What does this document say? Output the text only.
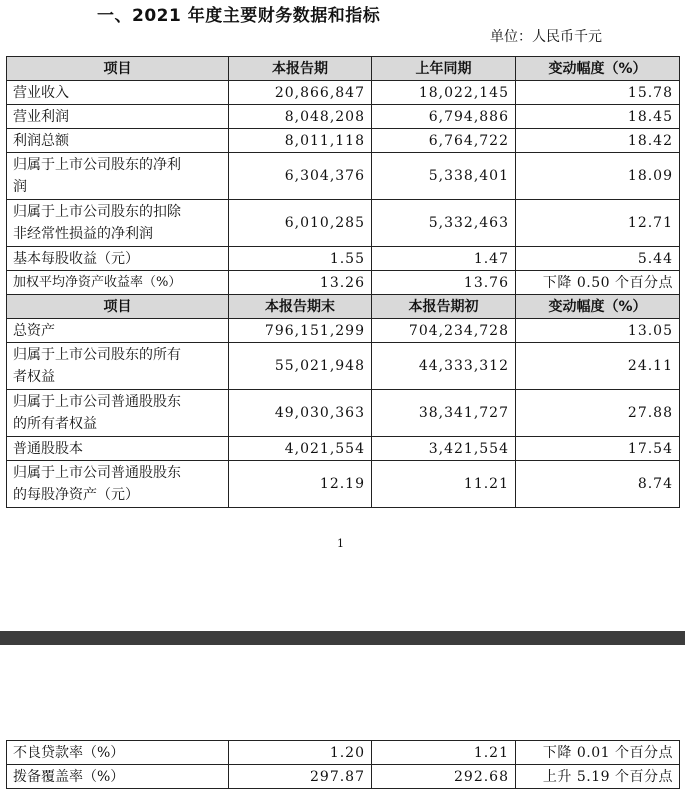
一、2021 年度主要财务数据和指标
单位：人民币千元
项目	本报告期	上年同期	变动幅度（%）
营业收入	20,866,847	18,022,145	15.78
营业利润	8,048,208	6,794,886	18.45
利润总额	8,011,118	6,764,722	18.42
归属于上市公司股东的净利
润	6,304,376	5,338,401	18.09
归属于上市公司股东的扣除
非经常性损益的净利润	6,010,285	5,332,463	12.71
基本每股收益（元）	1.55	1.47	5.44
加权平均净资产收益率（%）	13.26	13.76	下降 0.50 个百分点
项目	本报告期末	本报告期初	变动幅度（%）
总资产	796,151,299	704,234,728	13.05
归属于上市公司股东的所有
者权益	55,021,948	44,333,312	24.11
归属于上市公司普通股股东
的所有者权益	49,030,363	38,341,727	27.88
普通股股本	4,021,554	3,421,554	17.54
归属于上市公司普通股股东
的每股净资产（元）	12.19	11.21	8.74
1
不良贷款率（%）	1.20	1.21	下降 0.01 个百分点
拨备覆盖率（%）	297.87	292.68	上升 5.19 个百分点
